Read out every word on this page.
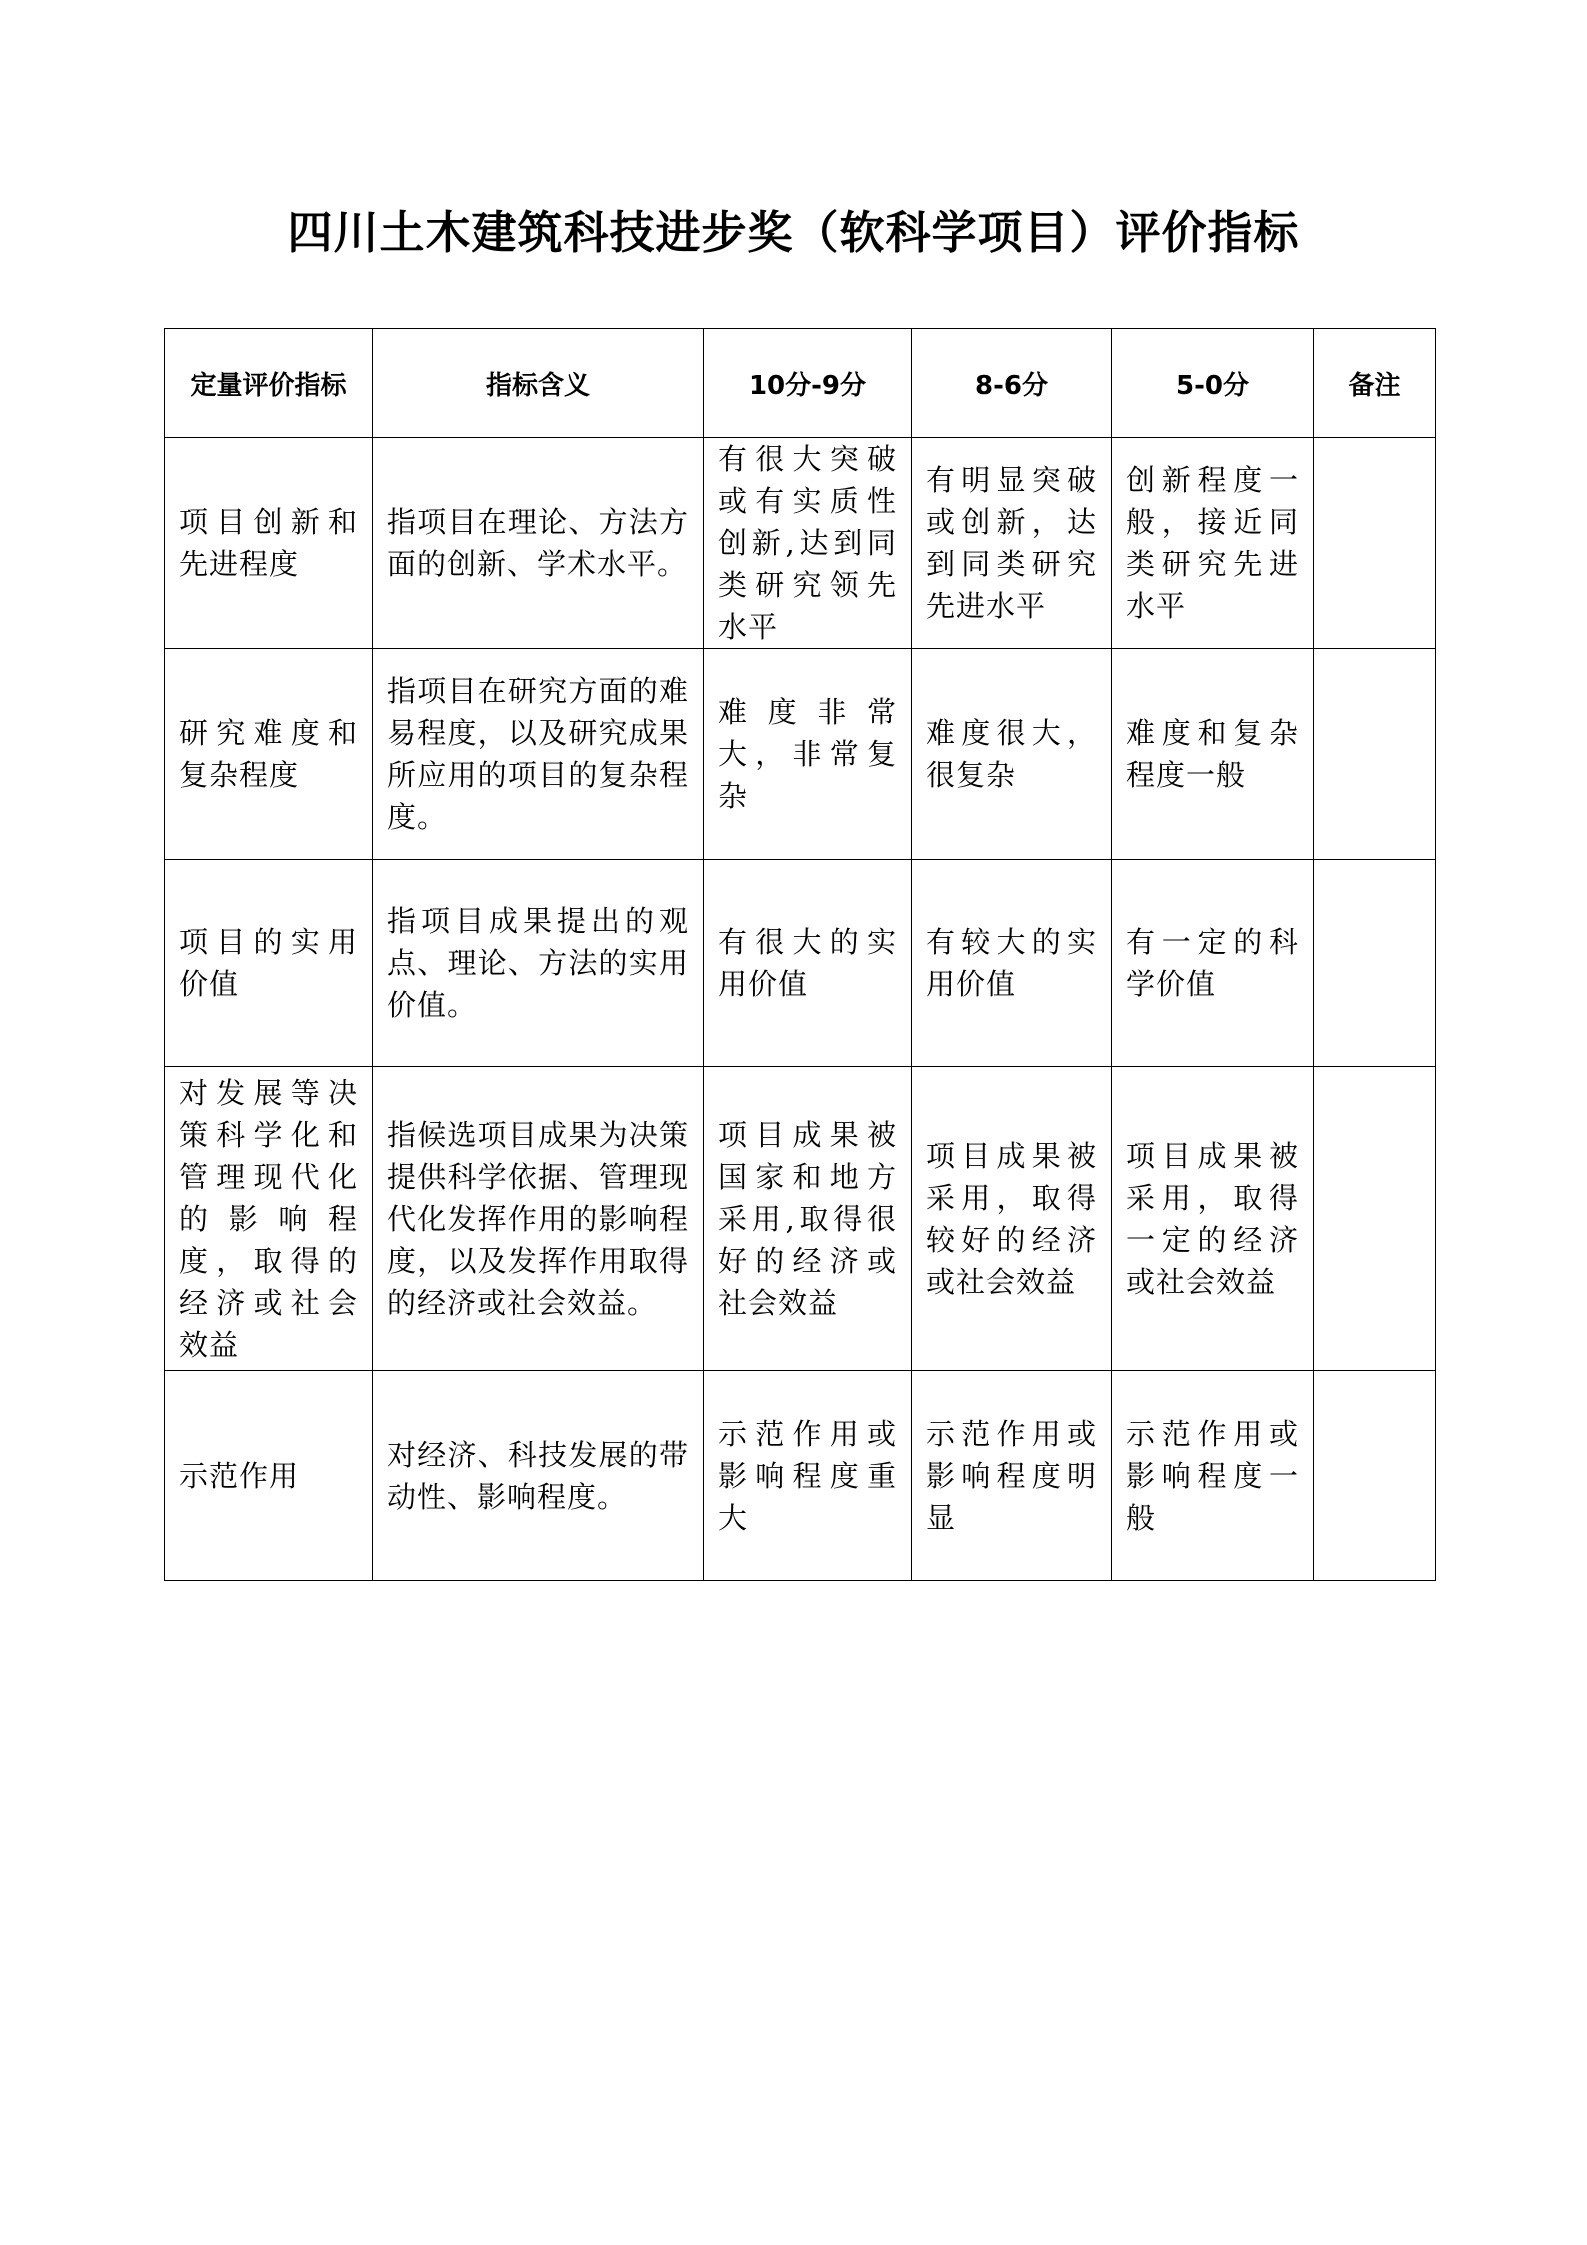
四川土木建筑科技进步奖（软科学项目）评价指标
定量评价指标	指标含义	10分-9分	8-6分	5-0分	备注
项目创新和先进程度	指项目在理论、方法方面的创新、学术水平。	有很大突破或有实质性创新,达到同类研究领先水平	有明显突破或创新，达到同类研究先进水平	创新程度一般，接近同类研究先进水平	
研究难度和复杂程度	指项目在研究方面的难易程度，以及研究成果所应用的项目的复杂程度。	难度非常大，非常复杂	难度很大，很复杂	难度和复杂程度一般	
项目的实用价值	指项目成果提出的观点、理论、方法的实用价值。	有很大的实用价值	有较大的实用价值	有一定的科学价值	
对发展等决策科学化和管理现代化的影响程度，取得的经济或社会效益	指候选项目成果为决策提供科学依据、管理现代化发挥作用的影响程度，以及发挥作用取得的经济或社会效益。	项目成果被国家和地方采用,取得很好的经济或社会效益	项目成果被采用，取得较好的经济或社会效益	项目成果被采用，取得一定的经济或社会效益	
示范作用	对经济、科技发展的带动性、影响程度。	示范作用或影响程度重大	示范作用或影响程度明显	示范作用或影响程度一般	
